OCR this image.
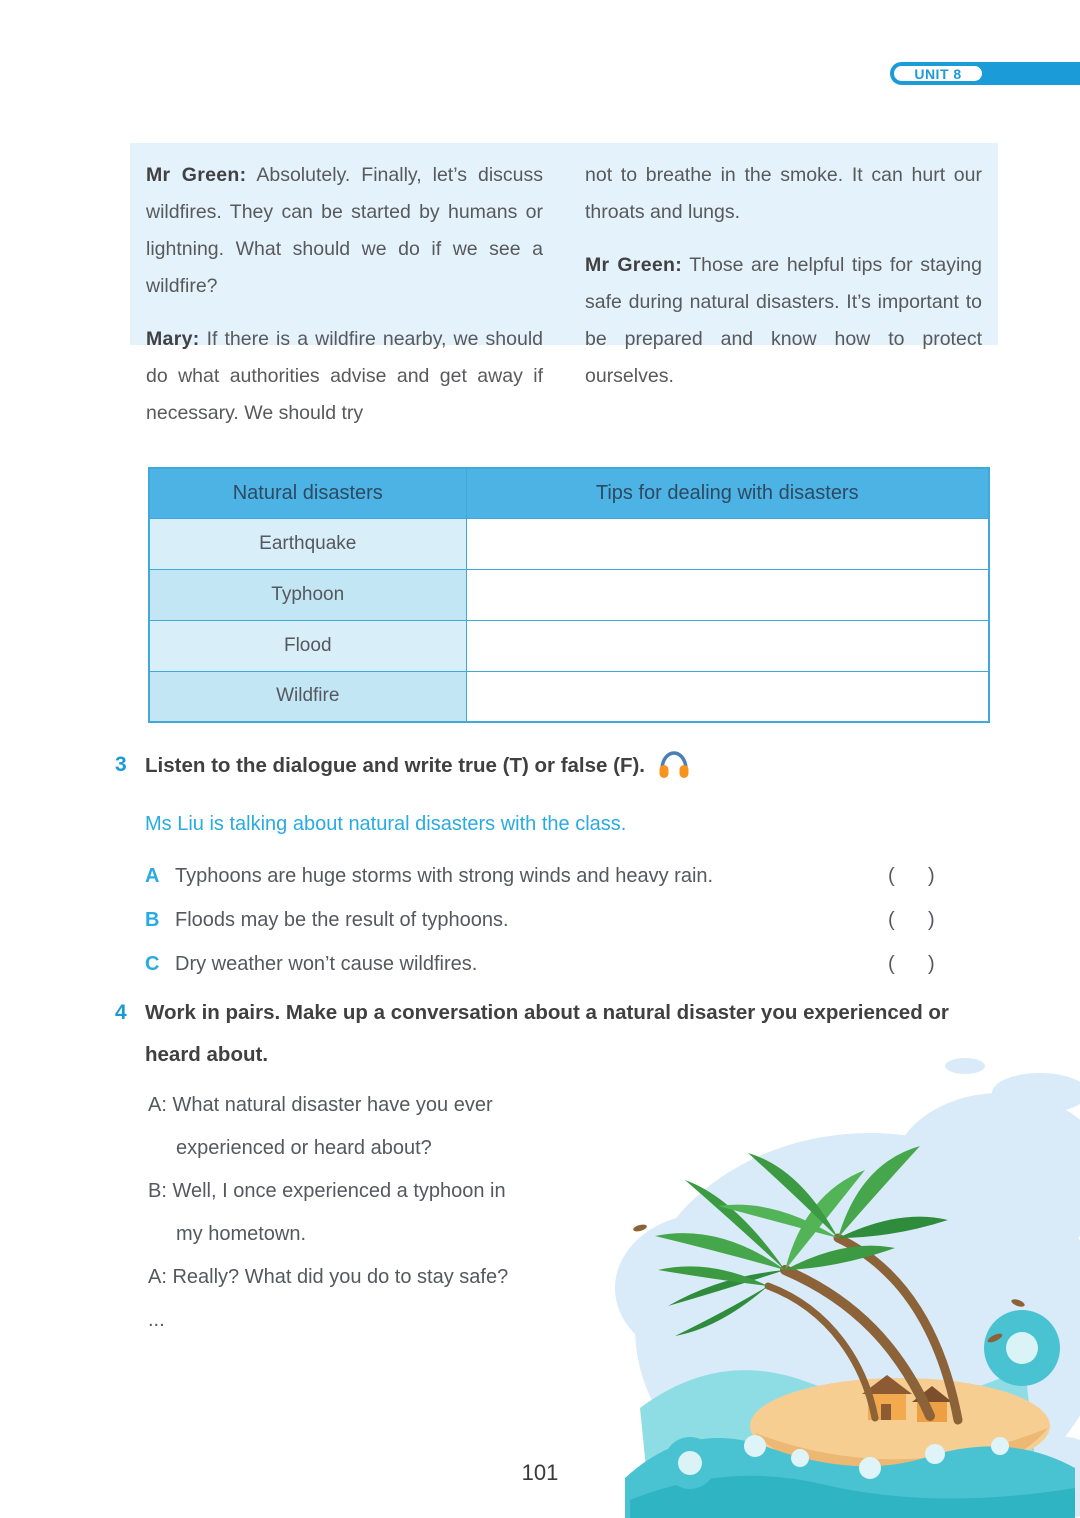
UNIT 8

Mr Green: Absolutely. Finally, let’s discuss wildfires. They can be started by humans or lightning. What should we do if we see a wildfire?

Mary: If there is a wildfire nearby, we should do what authorities advise and get away if necessary. We should try

not to breathe in the smoke. It can hurt our throats and lungs.

Mr Green: Those are helpful tips for staying safe during natural disasters. It’s important to be prepared and know how to protect ourselves.

Natural disasters	Tips for dealing with disasters
Earthquake	
Typhoon	
Flood	
Wildfire	
3 Listen to the dialogue and write true (T) or false (F).
Ms Liu is talking about natural disasters with the class.
A Typhoons are huge storms with strong winds and heavy rain.	(      )
B Floods may be the result of typhoons.	(      )
C Dry weather won’t cause wildfires.	(      )
4 Work in pairs. Make up a conversation about a natural disaster you experienced or heard about.
A: What natural disaster have you ever
experienced or heard about?
B: Well, I once experienced a typhoon in
my hometown.
A: Really? What did you do to stay safe?
...
101
